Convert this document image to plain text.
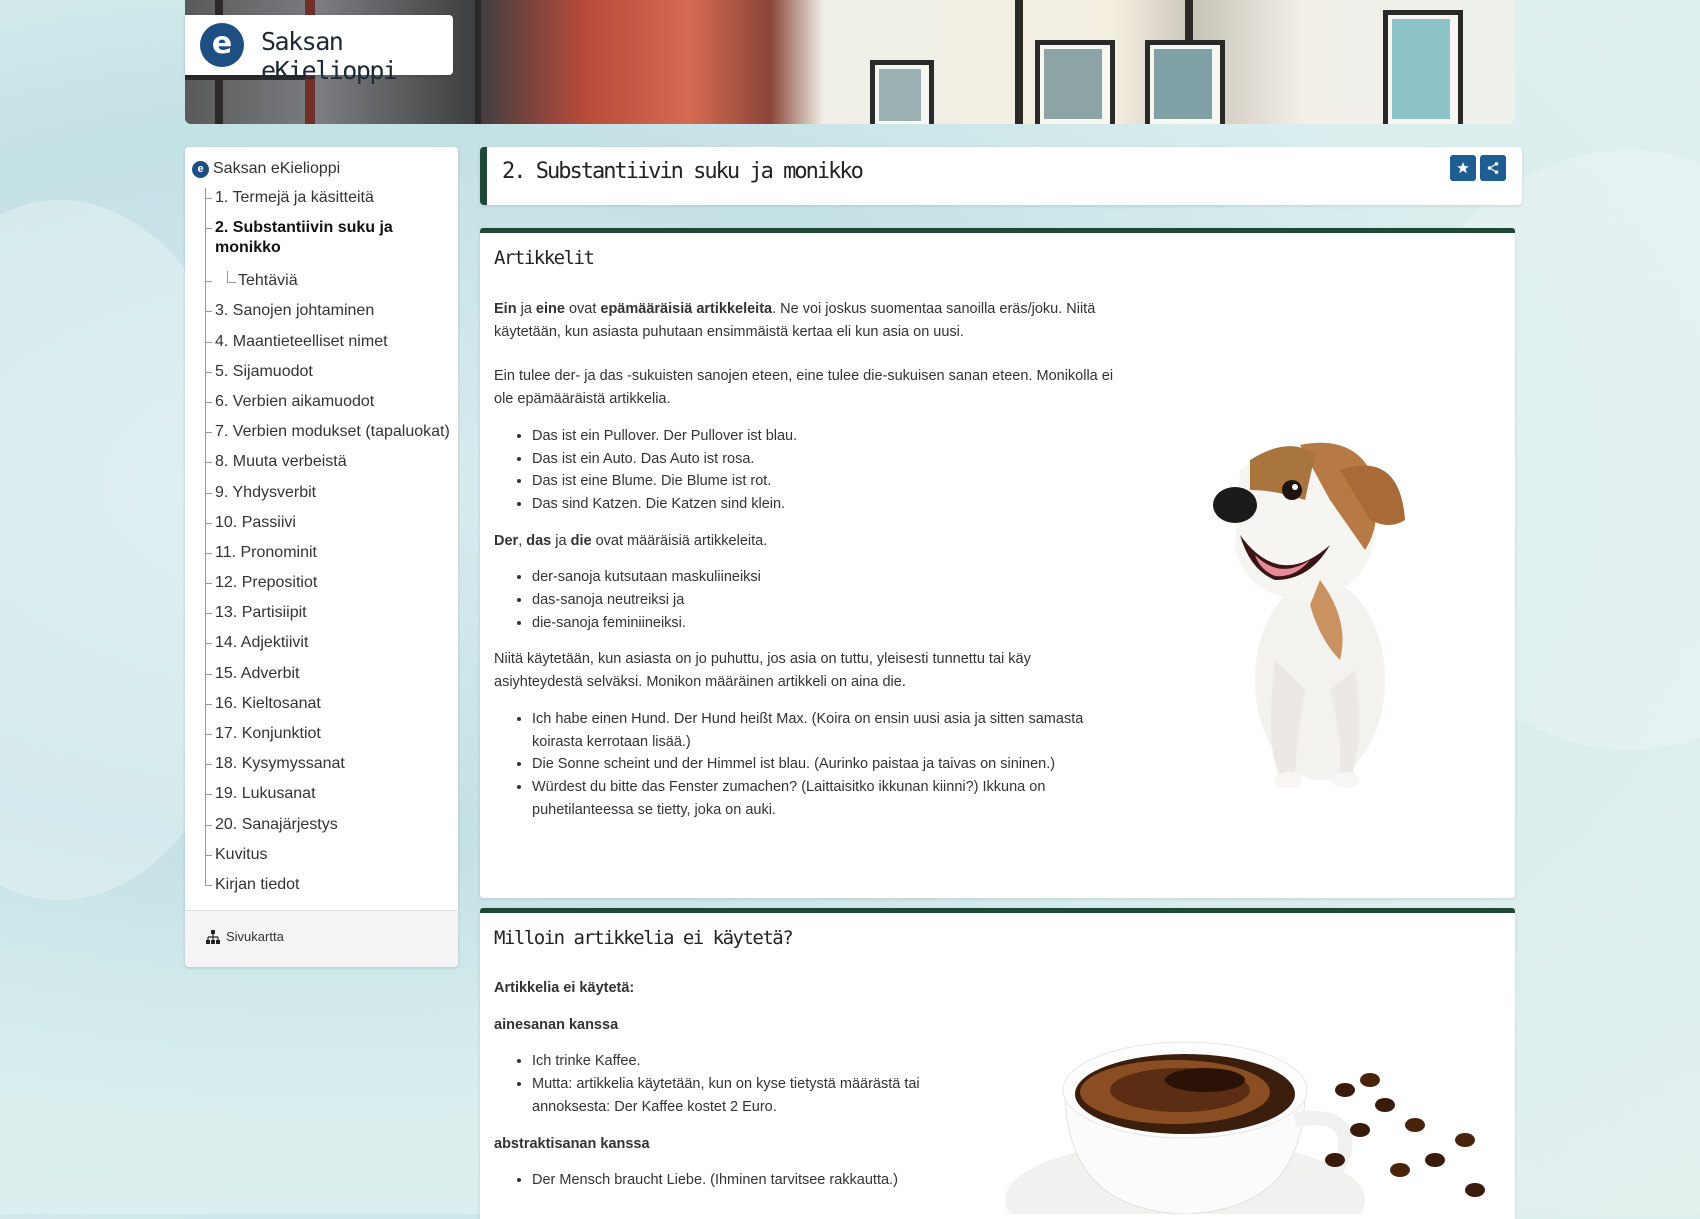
e	Saksan eKielioppi
e Saksan eKielioppi
1. Termejä ja käsitteitä
2. Substantiivin suku ja monikko
Tehtäviä
3. Sanojen johtaminen
4. Maantieteelliset nimet
5. Sijamuodot
6. Verbien aikamuodot
7. Verbien modukset (tapaluokat)
8. Muuta verbeistä
9. Yhdysverbit
10. Passiivi
11. Pronominit
12. Prepositiot
13. Partisiipit
14. Adjektiivit
15. Adverbit
16. Kieltosanat
17. Konjunktiot
18. Kysymyssanat
19. Lukusanat
20. Sanajärjestys
Kuvitus
Kirjan tiedot
Sivukartta
2. Substantiivin suku ja monikko
Artikkelit

Ein ja eine ovat epämääräisiä artikkeleita. Ne voi joskus suomentaa sanoilla eräs/joku. Niitä käytetään, kun asiasta puhutaan ensimmäistä kertaa eli kun asia on uusi.

Ein tulee der- ja das -sukuisten sanojen eteen, eine tulee die-sukuisen sanan eteen. Monikolla ei ole epämääräistä artikkelia.

• Das ist ein Pullover. Der Pullover ist blau.
• Das ist ein Auto. Das Auto ist rosa.
• Das ist eine Blume. Die Blume ist rot.
• Das sind Katzen. Die Katzen sind klein.

Der, das ja die ovat määräisiä artikkeleita.

• der-sanoja kutsutaan maskuliineiksi
• das-sanoja neutreiksi ja
• die-sanoja feminiineiksi.

Niitä käytetään, kun asiasta on jo puhuttu, jos asia on tuttu, yleisesti tunnettu tai käy asiyhteydestä selväksi. Monikon määräinen artikkeli on aina die.

• Ich habe einen Hund. Der Hund heißt Max. (Koira on ensin uusi asia ja sitten samasta koirasta kerrotaan lisää.)
• Die Sonne scheint und der Himmel ist blau. (Aurinko paistaa ja taivas on sininen.)
• Würdest du bitte das Fenster zumachen? (Laittaisitko ikkunan kiinni?) Ikkuna on puhetilanteessa se tietty, joka on auki.
Milloin artikkelia ei käytetä?

Artikkelia ei käytetä:

ainesanan kanssa

• Ich trinke Kaffee.
• Mutta: artikkelia käytetään, kun on kyse tietystä määrästä tai annoksesta: Der Kaffee kostet 2 Euro.

abstraktisanan kanssa

• Der Mensch braucht Liebe. (Ihminen tarvitsee rakkautta.)
